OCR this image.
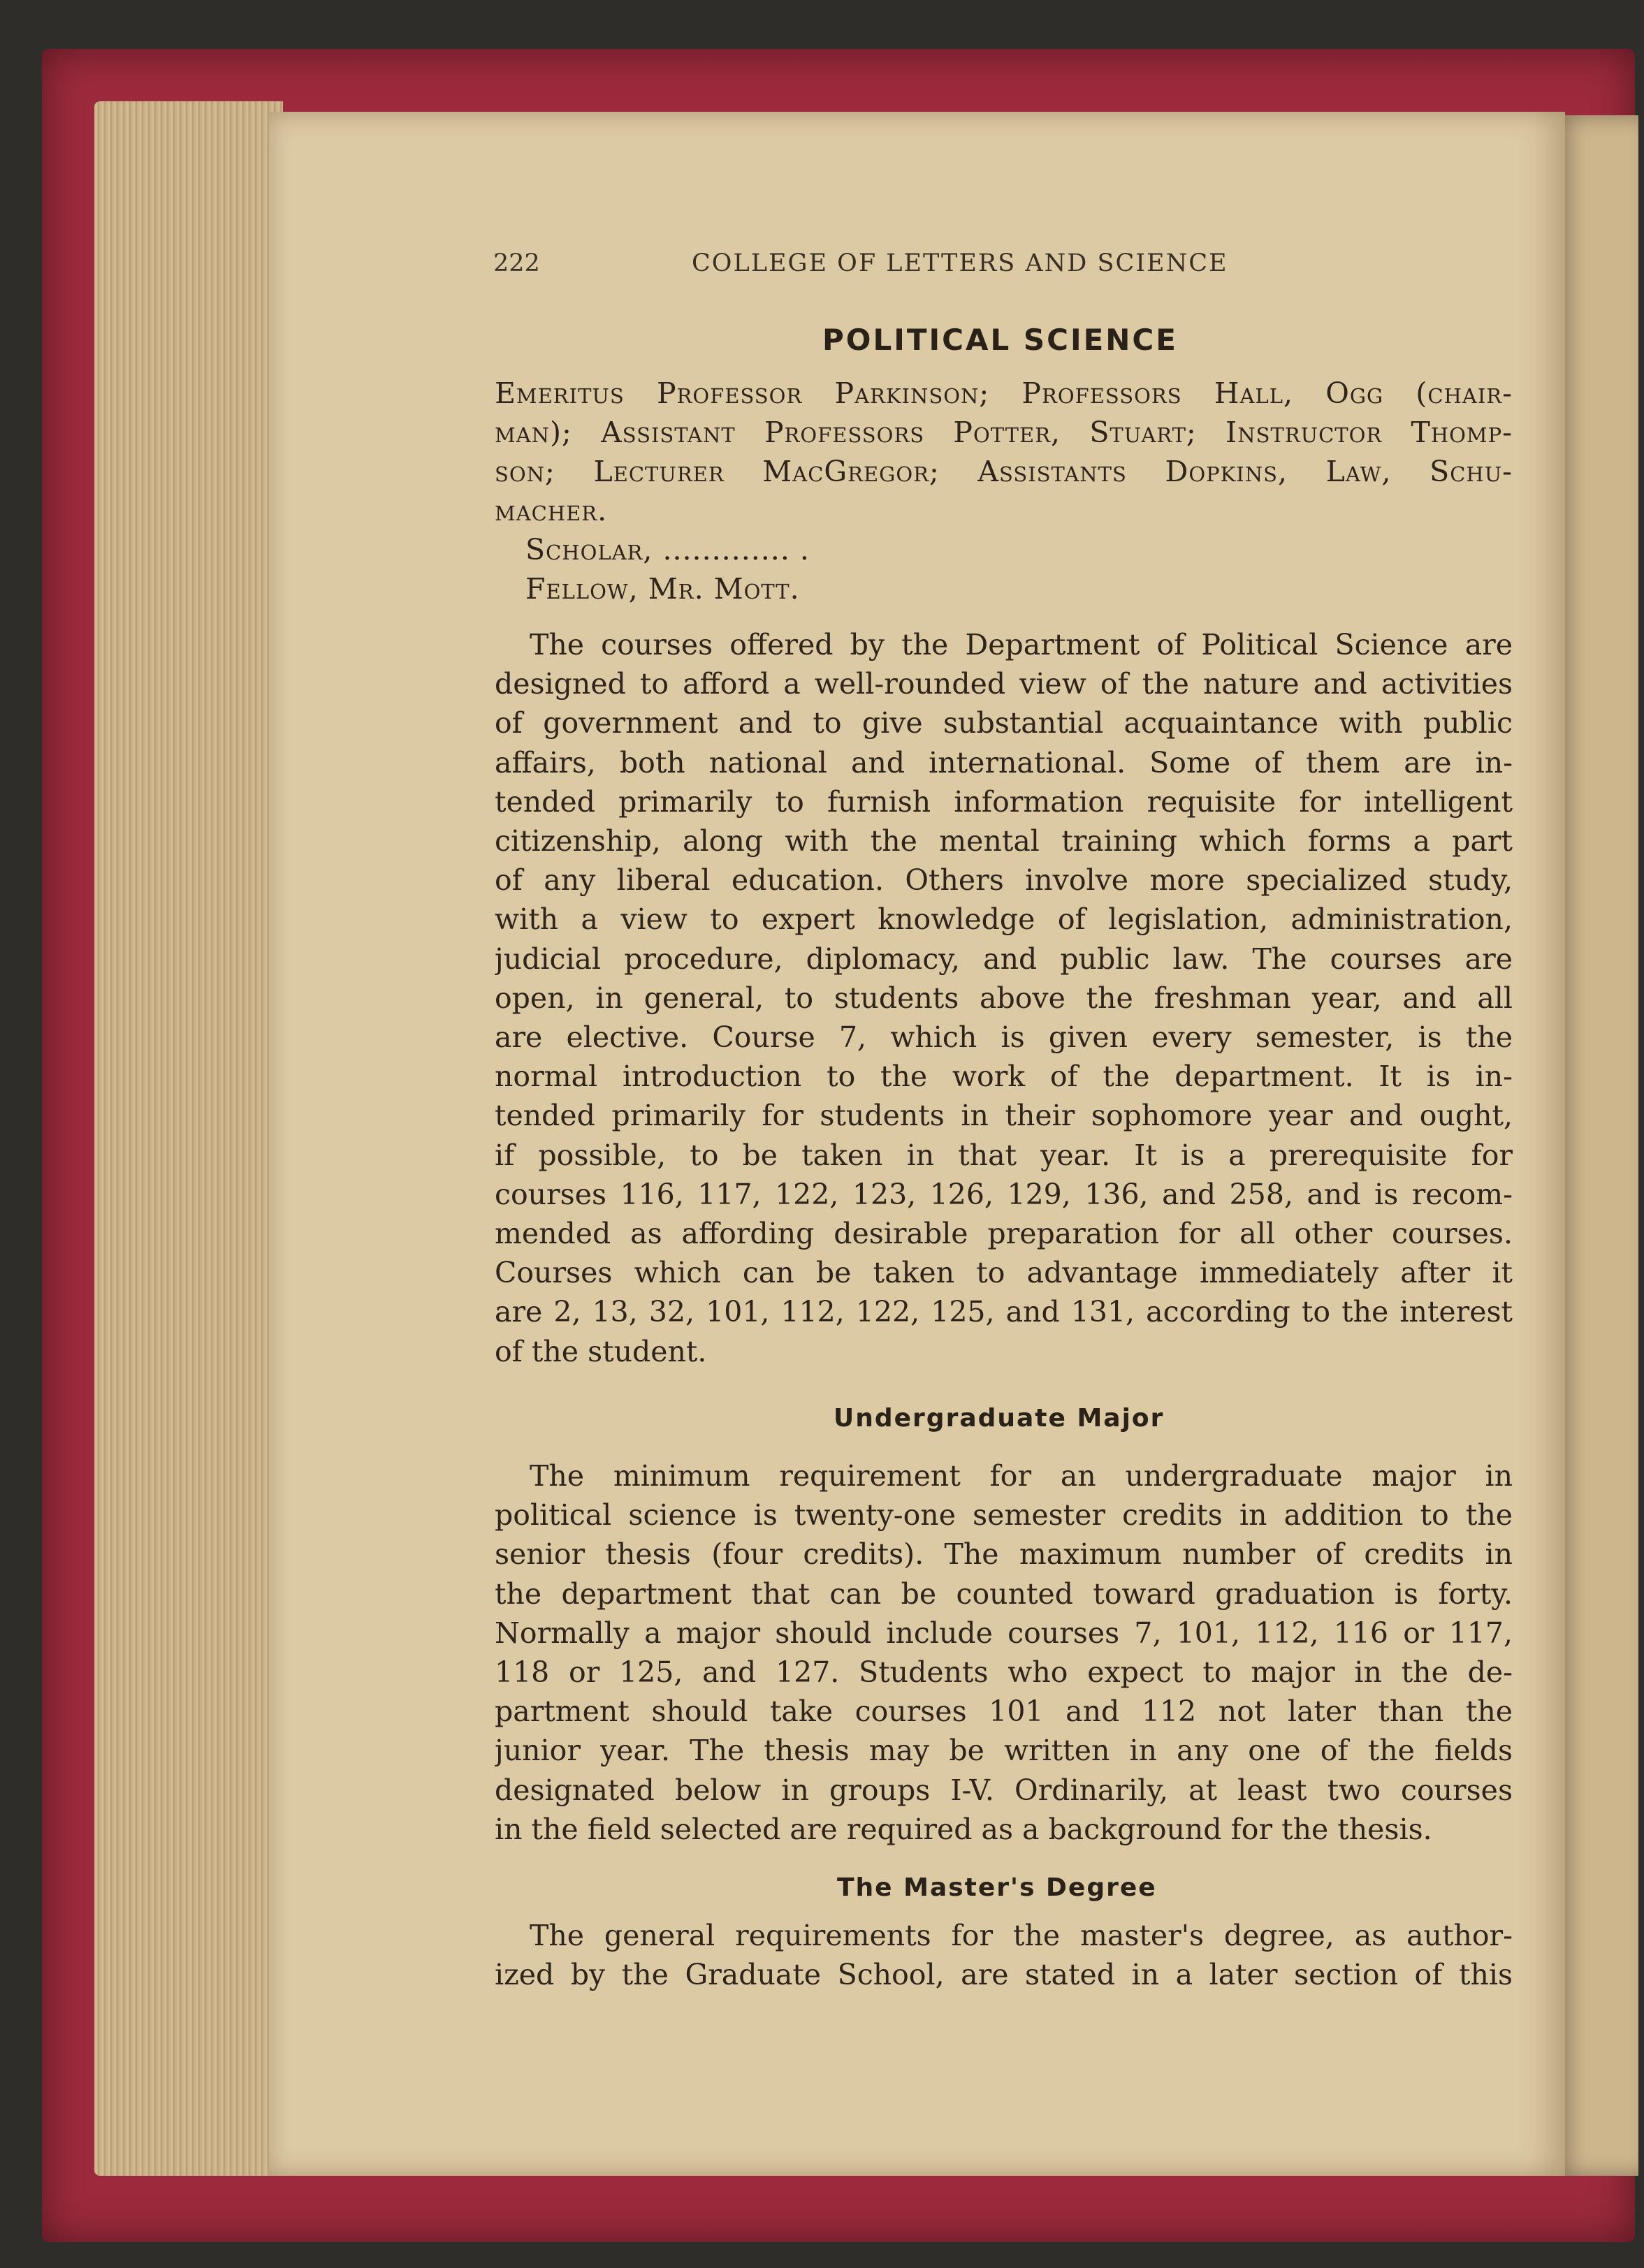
222	COLLEGE OF LETTERS AND SCIENCE
POLITICAL SCIENCE
Emeritus Professor Parkinson; Professors Hall, Ogg (chair-
man); Assistant Professors Potter, Stuart; Instructor Thomp-
son; Lecturer MacGregor; Assistants Dopkins, Law, Schu-
macher.
Scholar, ............. .
Fellow, Mr. Mott.
The courses offered by the Department of Political Science are
designed to afford a well-rounded view of the nature and activities
of government and to give substantial acquaintance with public
affairs, both national and international. Some of them are in-
tended primarily to furnish information requisite for intelligent
citizenship, along with the mental training which forms a part
of any liberal education. Others involve more specialized study,
with a view to expert knowledge of legislation, administration,
judicial procedure, diplomacy, and public law. The courses are
open, in general, to students above the freshman year, and all
are elective. Course 7, which is given every semester, is the
normal introduction to the work of the department. It is in-
tended primarily for students in their sophomore year and ought,
if possible, to be taken in that year. It is a prerequisite for
courses 116, 117, 122, 123, 126, 129, 136, and 258, and is recom-
mended as affording desirable preparation for all other courses.
Courses which can be taken to advantage immediately after it
are 2, 13, 32, 101, 112, 122, 125, and 131, according to the interest
of the student.
Undergraduate Major
The minimum requirement for an undergraduate major in
political science is twenty-one semester credits in addition to the
senior thesis (four credits). The maximum number of credits in
the department that can be counted toward graduation is forty.
Normally a major should include courses 7, 101, 112, 116 or 117,
118 or 125, and 127. Students who expect to major in the de-
partment should take courses 101 and 112 not later than the
junior year. The thesis may be written in any one of the fields
designated below in groups I-V. Ordinarily, at least two courses
in the field selected are required as a background for the thesis.
The Master's Degree
The general requirements for the master's degree, as author-
ized by the Graduate School, are stated in a later section of this
